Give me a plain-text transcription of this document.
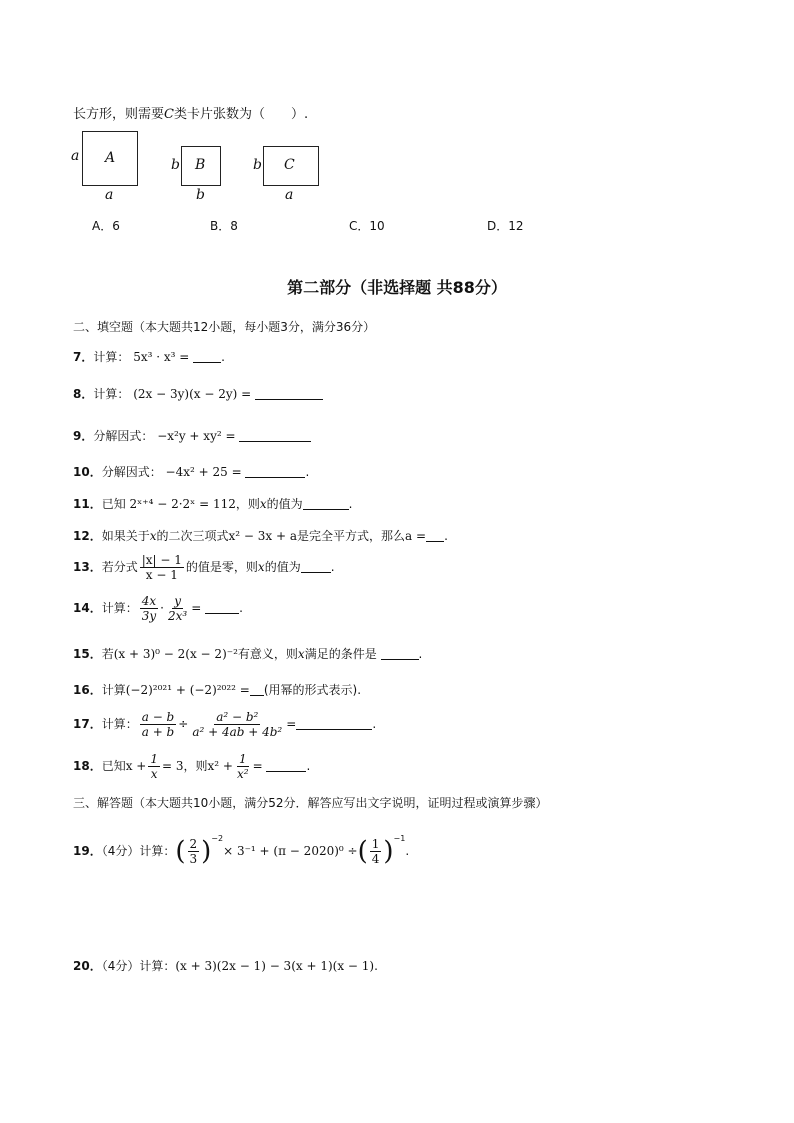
长方形，则需要C类卡片张数为（　　）.
A
a
a
B
b
b
C
b
a
A．6	B．8	C．10	D．12
第二部分（非选择题 共88分）
二、填空题（本大题共12小题，每小题3分，满分36分）
7．计算： 5x³ · x³ =	.
8．计算： (2x − 3y)(x − 2y) =
9．分解因式： −x²y + xy² =
10．分解因式： −4x² + 25 =	.
11．已知 2ˣ⁺⁴ − 2·2ˣ = 112，则x的值为	.
12．如果关于x的二次三项式x² − 3x + a是完全平方式，那么a = .
13．若分式 $\frac{|x| - 1}{x - 1}$ 的值是零，则x的值为	.
14．计算： $\frac{4x}{3y} \cdot \frac{y}{\text{2x³}}$ =	.
15．若(x + 3)⁰ − 2(x − 2)⁻²有意义，则x满足的条件是	.
16．计算(−2)²⁰²¹ + (−2)²⁰²² = (用幂的形式表示).
17．计算： $\frac{a - b}{a + b} \div \frac{\text{a² − b²}}{\text{a² + 4ab + 4b²}}$ =	.
18．已知$x + \frac{1}{x} = 3$，则$x^2 + \frac{1}{\text{x²}}$ =	.
三、解答题（本大题共10小题，满分52分．解答应写出文字说明，证明过程或演算步骤）
19．（4分）计算：( $\frac{2}{3} )^{-2}\times 3^{-1} + (\pi - 2020)^0$ ÷( $\frac{1}{4} )^{-1}$.
20．（4分）计算：(x + 3)(2x − 1) − 3(x + 1)(x − 1).
